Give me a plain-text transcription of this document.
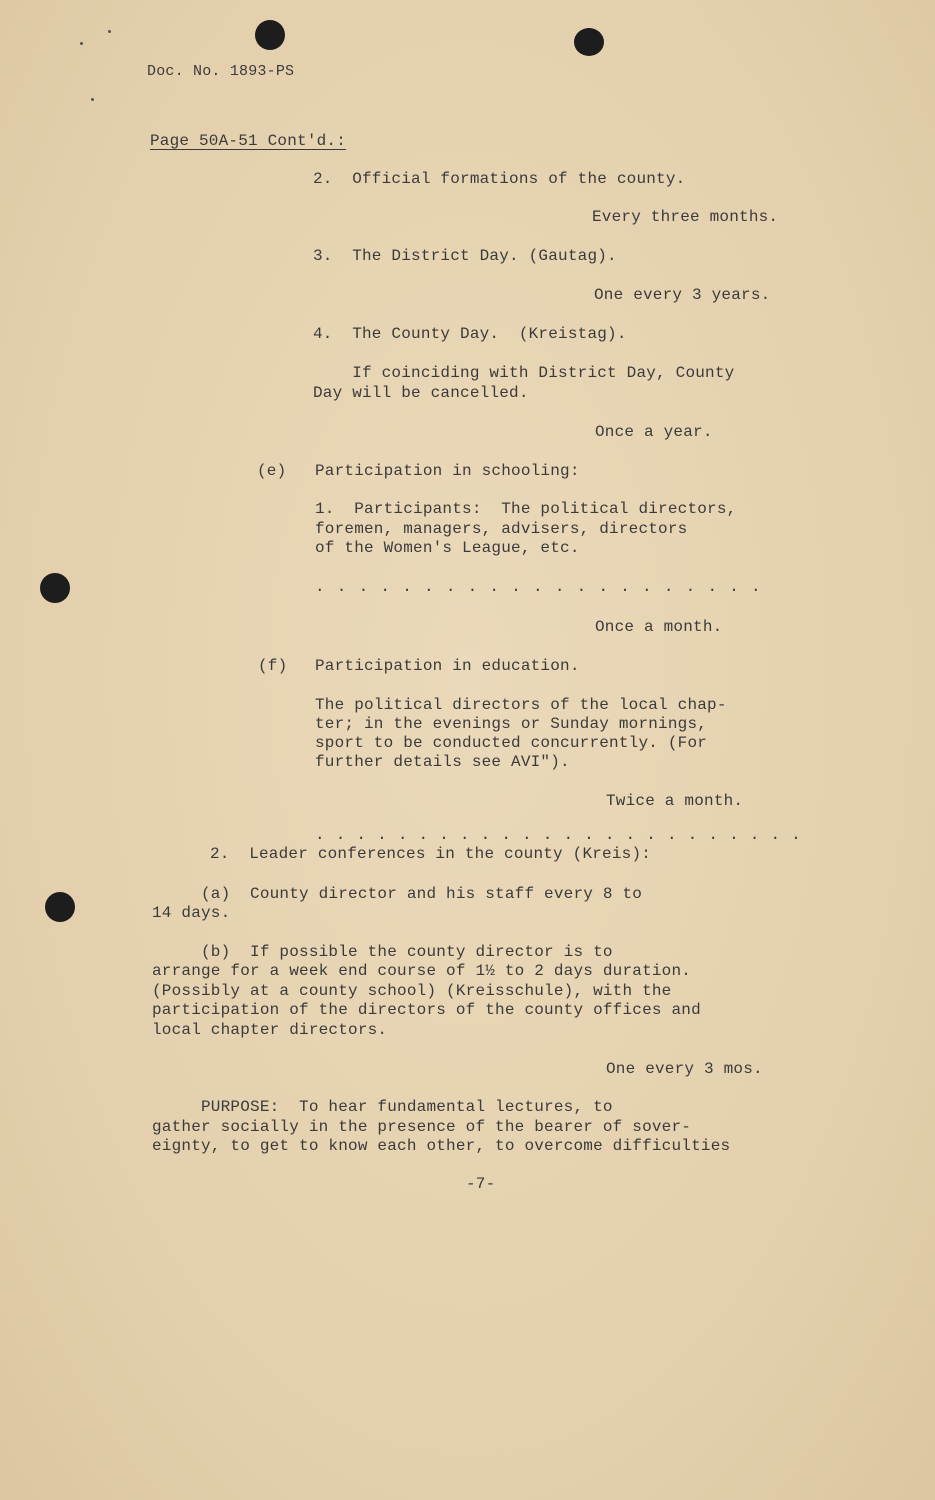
Doc. No. 1893-PS
Page 50A-51 Cont'd.:
2.  Official formations of the county.
Every three months.
3.  The District Day. (Gautag).
One every 3 years.
4.  The County Day.  (Kreistag).
If coinciding with District Day, County
Day will be cancelled.
Once a year.
(e) Participation in schooling:
1.  Participants:  The political directors,
foremen, managers, advisers, directors
of the Women's League, etc.
. . . . . . . . . . . . . . . . . . . . .
Once a month.
(f) Participation in education.
The political directors of the local chap-
ter; in the evenings or Sunday mornings,
sport to be conducted concurrently. (For
further details see AVI").
Twice a month.
. . . . . . . . . . . . . . . . . . . . . . . .
2.  Leader conferences in the county (Kreis):
(a)  County director and his staff every 8 to
14 days.
(b)  If possible the county director is to
arrange for a week end course of 1½ to 2 days duration.
(Possibly at a county school) (Kreisschule), with the
participation of the directors of the county offices and
local chapter directors.
One every 3 mos.
PURPOSE:  To hear fundamental lectures, to
gather socially in the presence of the bearer of sover-
eignty, to get to know each other, to overcome difficulties
-7-
